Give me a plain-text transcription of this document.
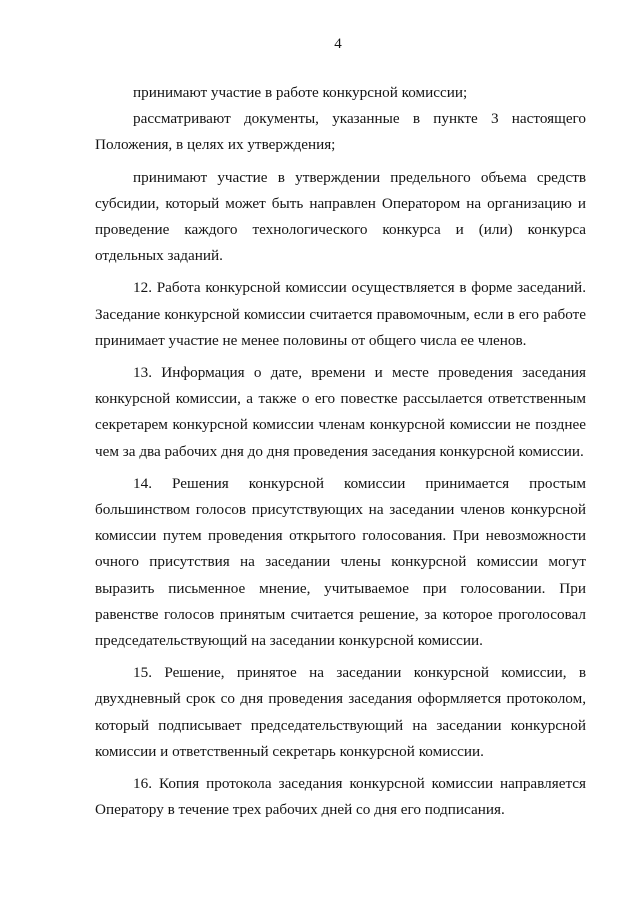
4

принимают участие в работе конкурсной комиссии;

рассматривают документы, указанные в пункте 3 настоящего Положения, в целях их утверждения;

принимают участие в утверждении предельного объема средств субсидии, который может быть направлен Оператором на организацию и проведение каждого технологического конкурса и (или) конкурса отдельных заданий.

12. Работа конкурсной комиссии осуществляется в форме заседаний. Заседание конкурсной комиссии считается правомочным, если в его работе принимает участие не менее половины от общего числа ее членов.

13. Информация о дате, времени и месте проведения заседания конкурсной комиссии, а также о его повестке рассылается ответственным секретарем конкурсной комиссии членам конкурсной комиссии не позднее чем за два рабочих дня до дня проведения заседания конкурсной комиссии.

14. Решения конкурсной комиссии принимается простым большинством голосов присутствующих на заседании членов конкурсной комиссии путем проведения открытого голосования. При невозможности очного присутствия на заседании члены конкурсной комиссии могут выразить письменное мнение, учитываемое при голосовании. При равенстве голосов принятым считается решение, за которое проголосовал председательствующий на заседании конкурсной комиссии.

15. Решение, принятое на заседании конкурсной комиссии, в двухдневный срок со дня проведения заседания оформляется протоколом, который подписывает председательствующий на заседании конкурсной комиссии и ответственный секретарь конкурсной комиссии.

16. Копия протокола заседания конкурсной комиссии направляется Оператору в течение трех рабочих дней со дня его подписания.
